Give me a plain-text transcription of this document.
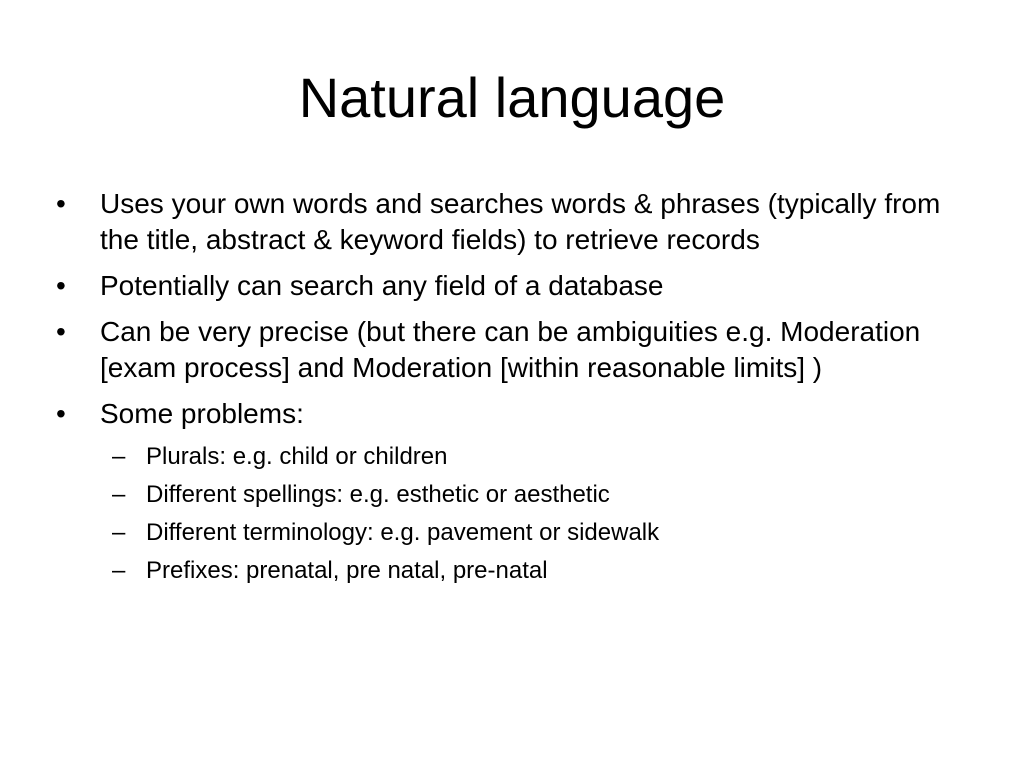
Natural language
•	Uses your own words and searches words & phrases (typically from the title, abstract & keyword fields) to retrieve records
•	Potentially can search any field of a database
•	Can be very precise (but there can be ambiguities e.g. Moderation [exam process] and Moderation [within reasonable limits] )
•	Some problems:
– Plurals: e.g. child or children
– Different spellings: e.g. esthetic or aesthetic
– Different terminology: e.g. pavement or sidewalk
– Prefixes: prenatal, pre natal, pre-natal
